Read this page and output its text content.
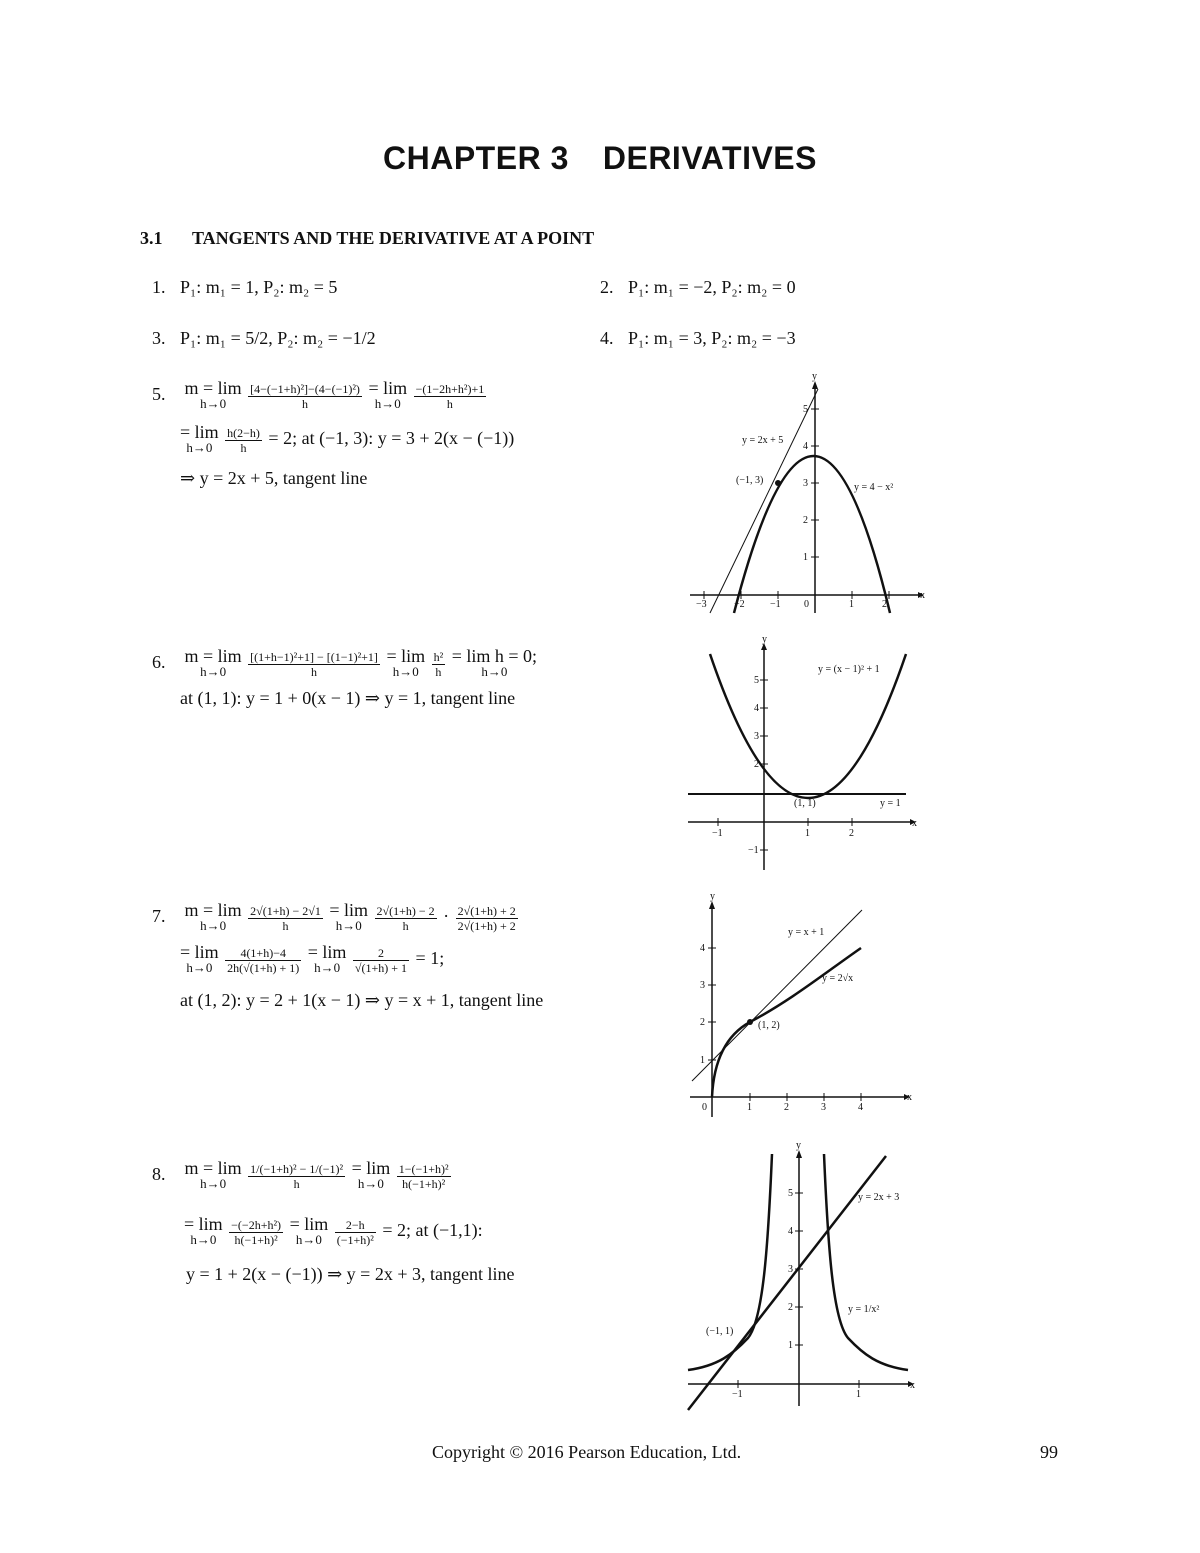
CHAPTER 3 DERIVATIVES
3.1 TANGENTS AND THE DERIVATIVE AT A POINT
1. P₁: m₁ = 1, P₂: m₂ = 5	2. P₁: m₁ = −2, P₂: m₂ = 0
3. P₁: m₁ = 5/2, P₂: m₂ = −1/2	4. P₁: m₁ = 3, P₂: m₂ = −3
5. m = lim
h→0
	$\frac{\text{[4−(−1+h)²]−(4−(−1)²)}}{h} = \lim$
h→0
	$\frac{\text{−(1−2h+h²)+1}}{h}$
= lim
h→0
	$\frac{h(2-h)}{h} = 2$; at (−1, 3): y = 3 + 2(x − (−1))
⇒ y = 2x + 5, tangent line
6. m = lim
h→0
	$\frac{\text{[(1+h−1)²+1] − [(1−1)²+1]}}{h} = \lim$
h→0
	$\frac{\text{h²}}{h} = \lim h = 0$;
h→0
at (1, 1): y = 1 + 0(x − 1) ⇒ y = 1, tangent line
7. m = lim
h→0
	$\frac{2√(1+h) - 2√1}{h} = \lim$
h→0
	$\frac{2√(1+h) - 2}{h} \cdot \frac{2√(1+h) + 2}{2√(1+h) + 2}$
= lim
h→0
	$\frac{4(1+h)-4}{2h(√(1+h) + 1)} = \lim$
h→0
	$\frac{2}{√(1+h) + 1} = 1$;
at (1, 2): y = 2 + 1(x − 1) ⇒ y = x + 1, tangent line
8. m = lim
h→0
	$\frac{\text{1/(−1+h)² − 1/(−1)²}}{h} = \lim$
h→0
	$\frac{\text{1−(−1+h)²}}{\text{h(−1+h)²}}$
= lim
h→0
	$\frac{\text{−(−2h+h²)}}{\text{h(−1+h)²}} = \lim$
h→0
	$\frac{2-h}{\text{(−1+h)²}} = 2$; at (−1,1):
y = 1 + 2(x − (−1)) ⇒ y = 2x + 3, tangent line
x
y
−3	−2	−1 0	1	2
1
2
3
4
5
y = 2x + 5
y = 4 − x²
(−1, 3)
x
y
−1	1	2
−1
2
3
4
5
y = (x − 1)² + 1
y = 1
(1, 1)
x
y
0	1	2	3	4
1
2
3
4
y = x + 1
y = 2√x
(1, 2)
x
y
−1	1
1
2
3
4
5	y = 2x + 3
y = 1/x²
(−1, 1)
Copyright © 2016 Pearson Education, Ltd.	99
